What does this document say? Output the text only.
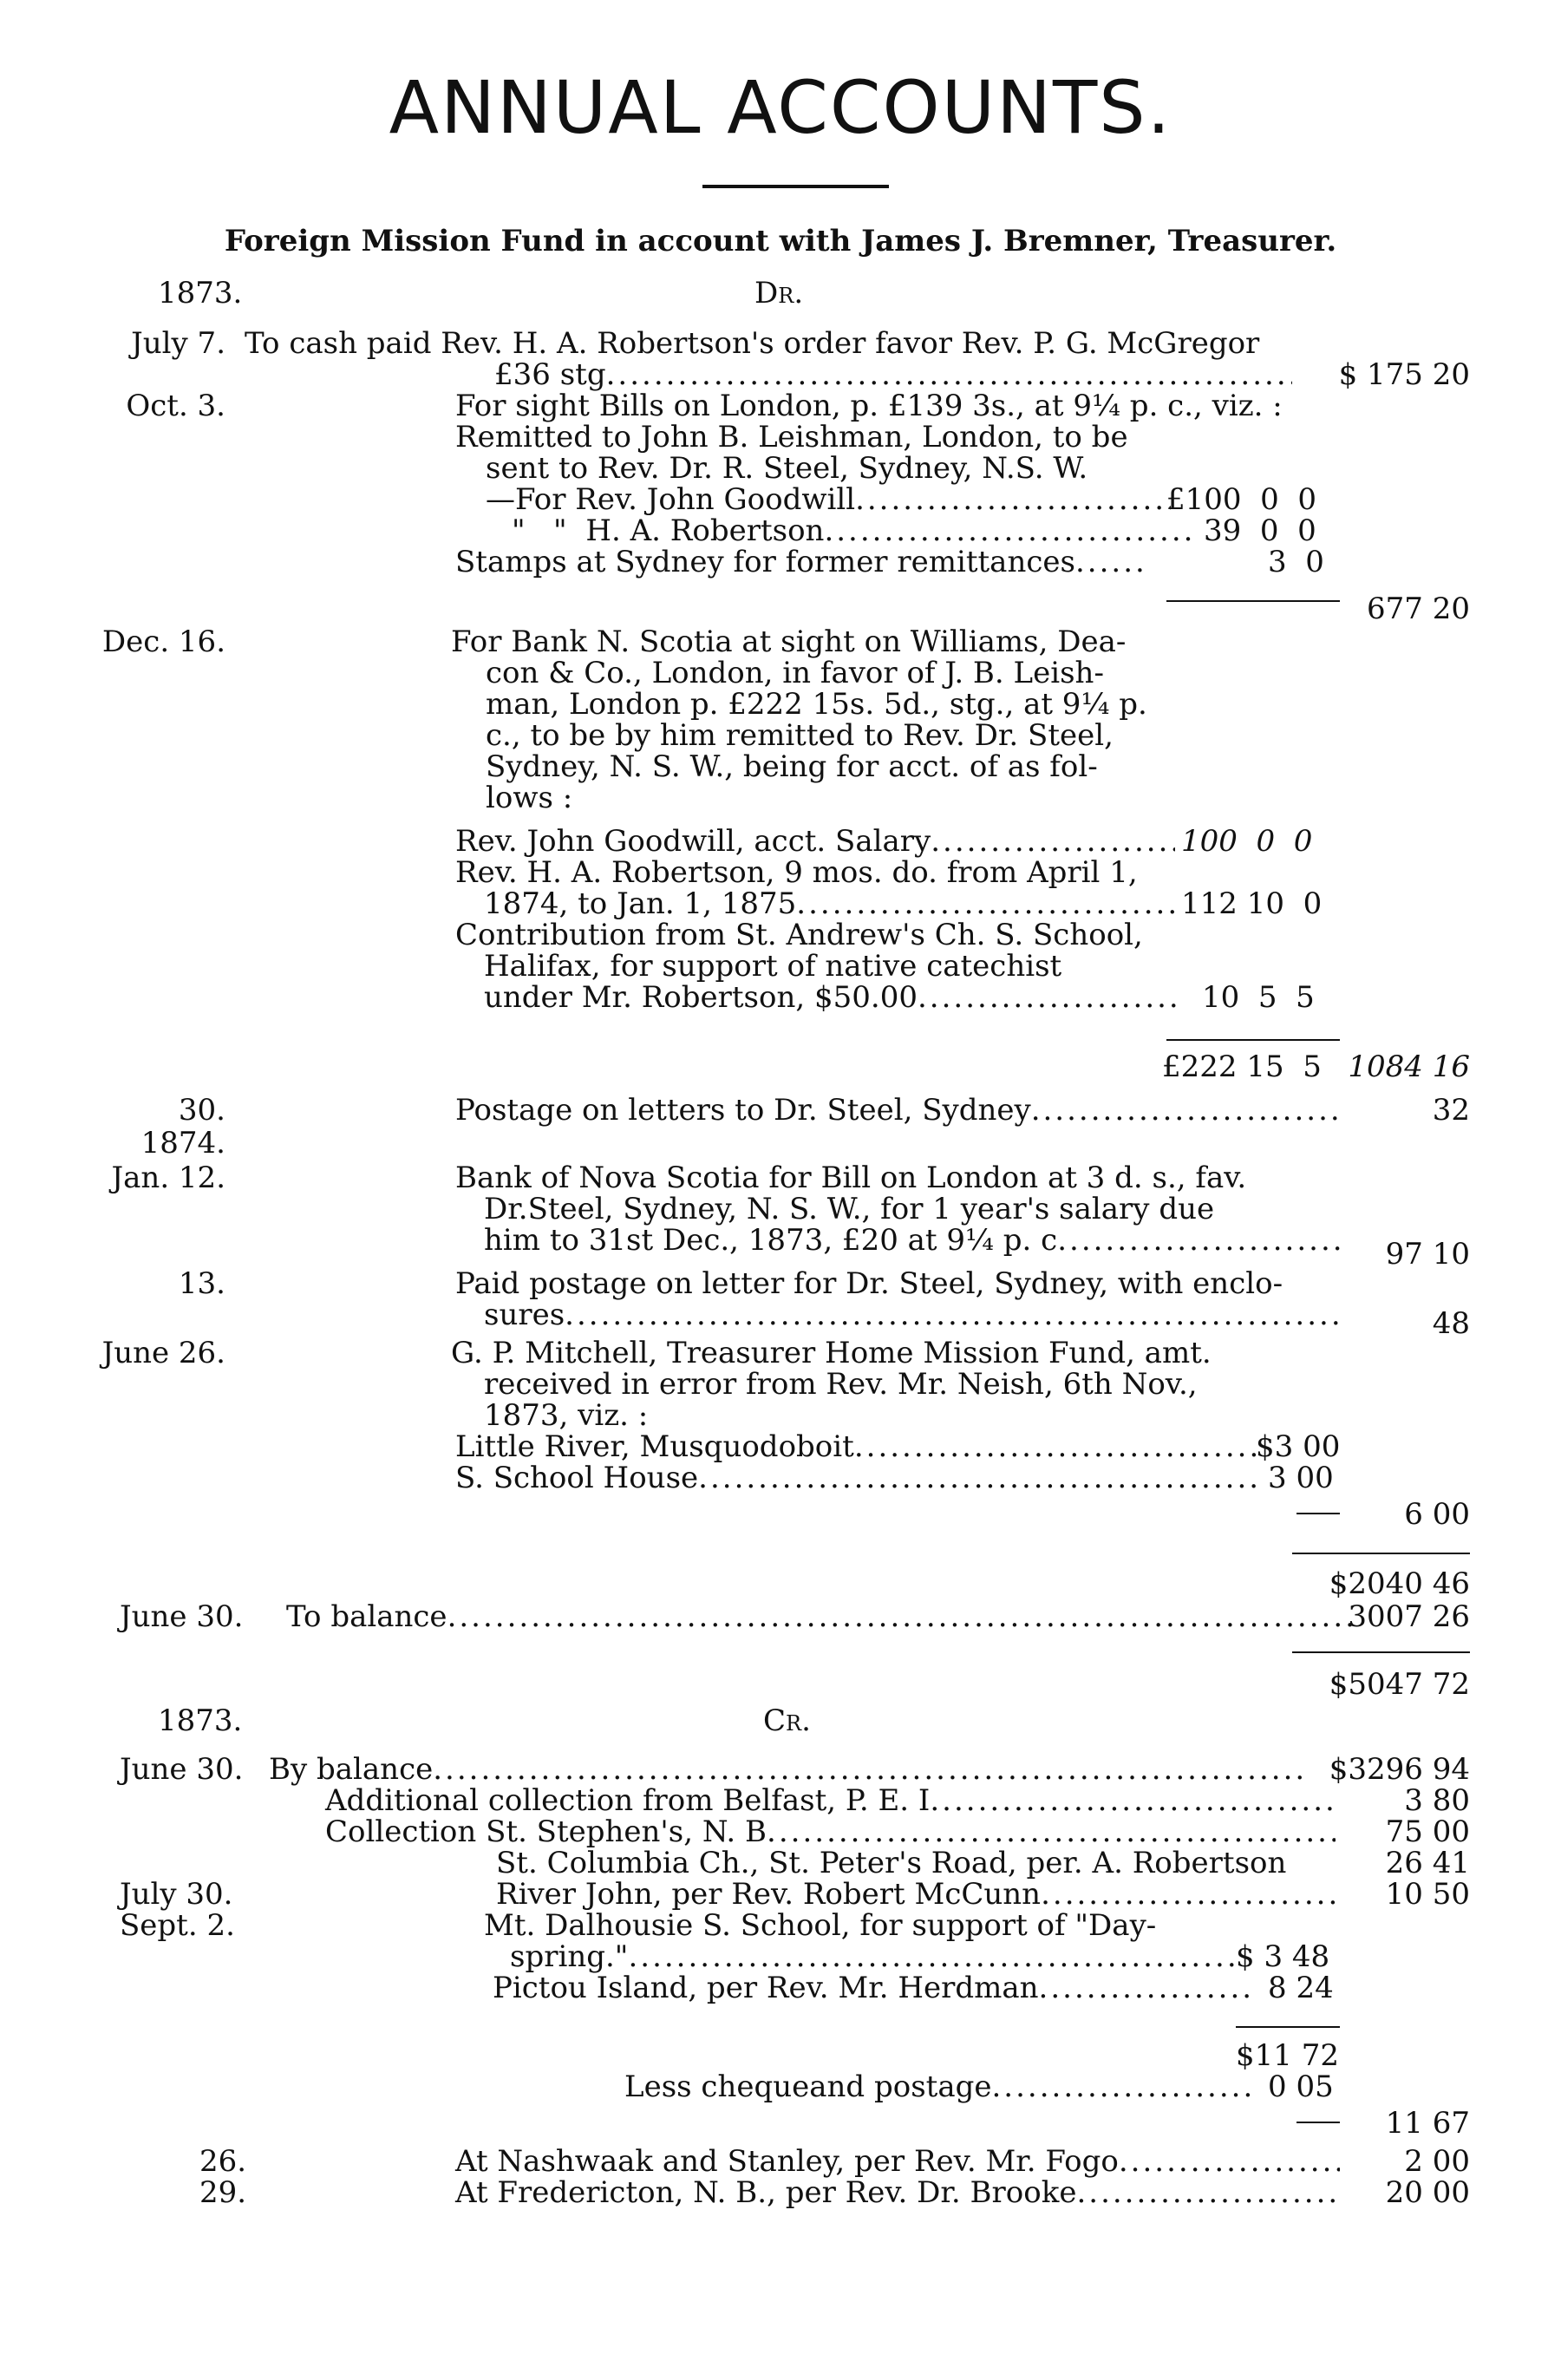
ANNUAL ACCOUNTS.
Foreign Mission Fund in account with James J. Bremner, Treasurer.
1873.	Dr.
July 7. To cash paid Rev. H. A. Robertson's order favor Rev. P. G. McGregor
£36 stg .....	$ 175 20
Oct. 3.	For sight Bills on London, p. £139 3s., at 9¼ p. c., viz. :
Remitted to John B. Leishman, London, to be
sent to Rev. Dr. R. Steel, Sydney, N.S. W.
—For Rev. John Goodwill .....	£100  0  0
"   "  H. A. Robertson .....	39  0  0
Stamps at Sydney for former remittances .....	3  0
677 20
Dec. 16.	For Bank N. Scotia at sight on Williams, Dea-
con & Co., London, in favor of J. B. Leish-
man, London p. £222 15s. 5d., stg., at 9¼ p.
c., to be by him remitted to Rev. Dr. Steel,
Sydney, N. S. W., being for acct. of as fol-
lows :
Rev. John Goodwill, acct. Salary .....	100  0  0
Rev. H. A. Robertson, 9 mos. do. from April 1,
1874, to Jan. 1, 1875 .....	112 10  0
Contribution from St. Andrew's Ch. S. School,
Halifax, for support of native catechist
under Mr. Robertson, $50.00 .....	10  5  5
£222 15  5 1084 16
30.	Postage on letters to Dr. Steel, Sydney .....	32
1874.
Jan. 12.	Bank of Nova Scotia for Bill on London at 3 d. s., fav.
Dr.Steel, Sydney, N. S. W., for 1 year's salary due
him to 31st Dec., 1873, £20 at 9¼ p. c .....	97 10
13.	Paid postage on letter for Dr. Steel, Sydney, with enclo-
sures .....	48
June 26.	G. P. Mitchell, Treasurer Home Mission Fund, amt.
received in error from Rev. Mr. Neish, 6th Nov.,
1873, viz. :
Little River, Musquodoboit .....	$3 00
S. School House .....	3 00
6 00
$2040 46
June 30.	To balance .....	3007 26
$5047 72
1873.	Cr.
June 30. By balance .....	$3296 94
Additional collection from Belfast, P. E. I .....	3 80
Collection St. Stephen's, N. B .....	75 00
St. Columbia Ch., St. Peter's Road, per. A. Robertson	26 41
July 30.	River John, per Rev. Robert McCunn .....	10 50
Sept. 2.	Mt. Dalhousie S. School, for support of "Day-
spring." .....	$ 3 48
Pictou Island, per Rev. Mr. Herdman .....	8 24
$11 72
Less chequeand postage .....	0 05
11 67
26.	At Nashwaak and Stanley, per Rev. Mr. Fogo .....	2 00
29.	At Fredericton, N. B., per Rev. Dr. Brooke .....	20 00
